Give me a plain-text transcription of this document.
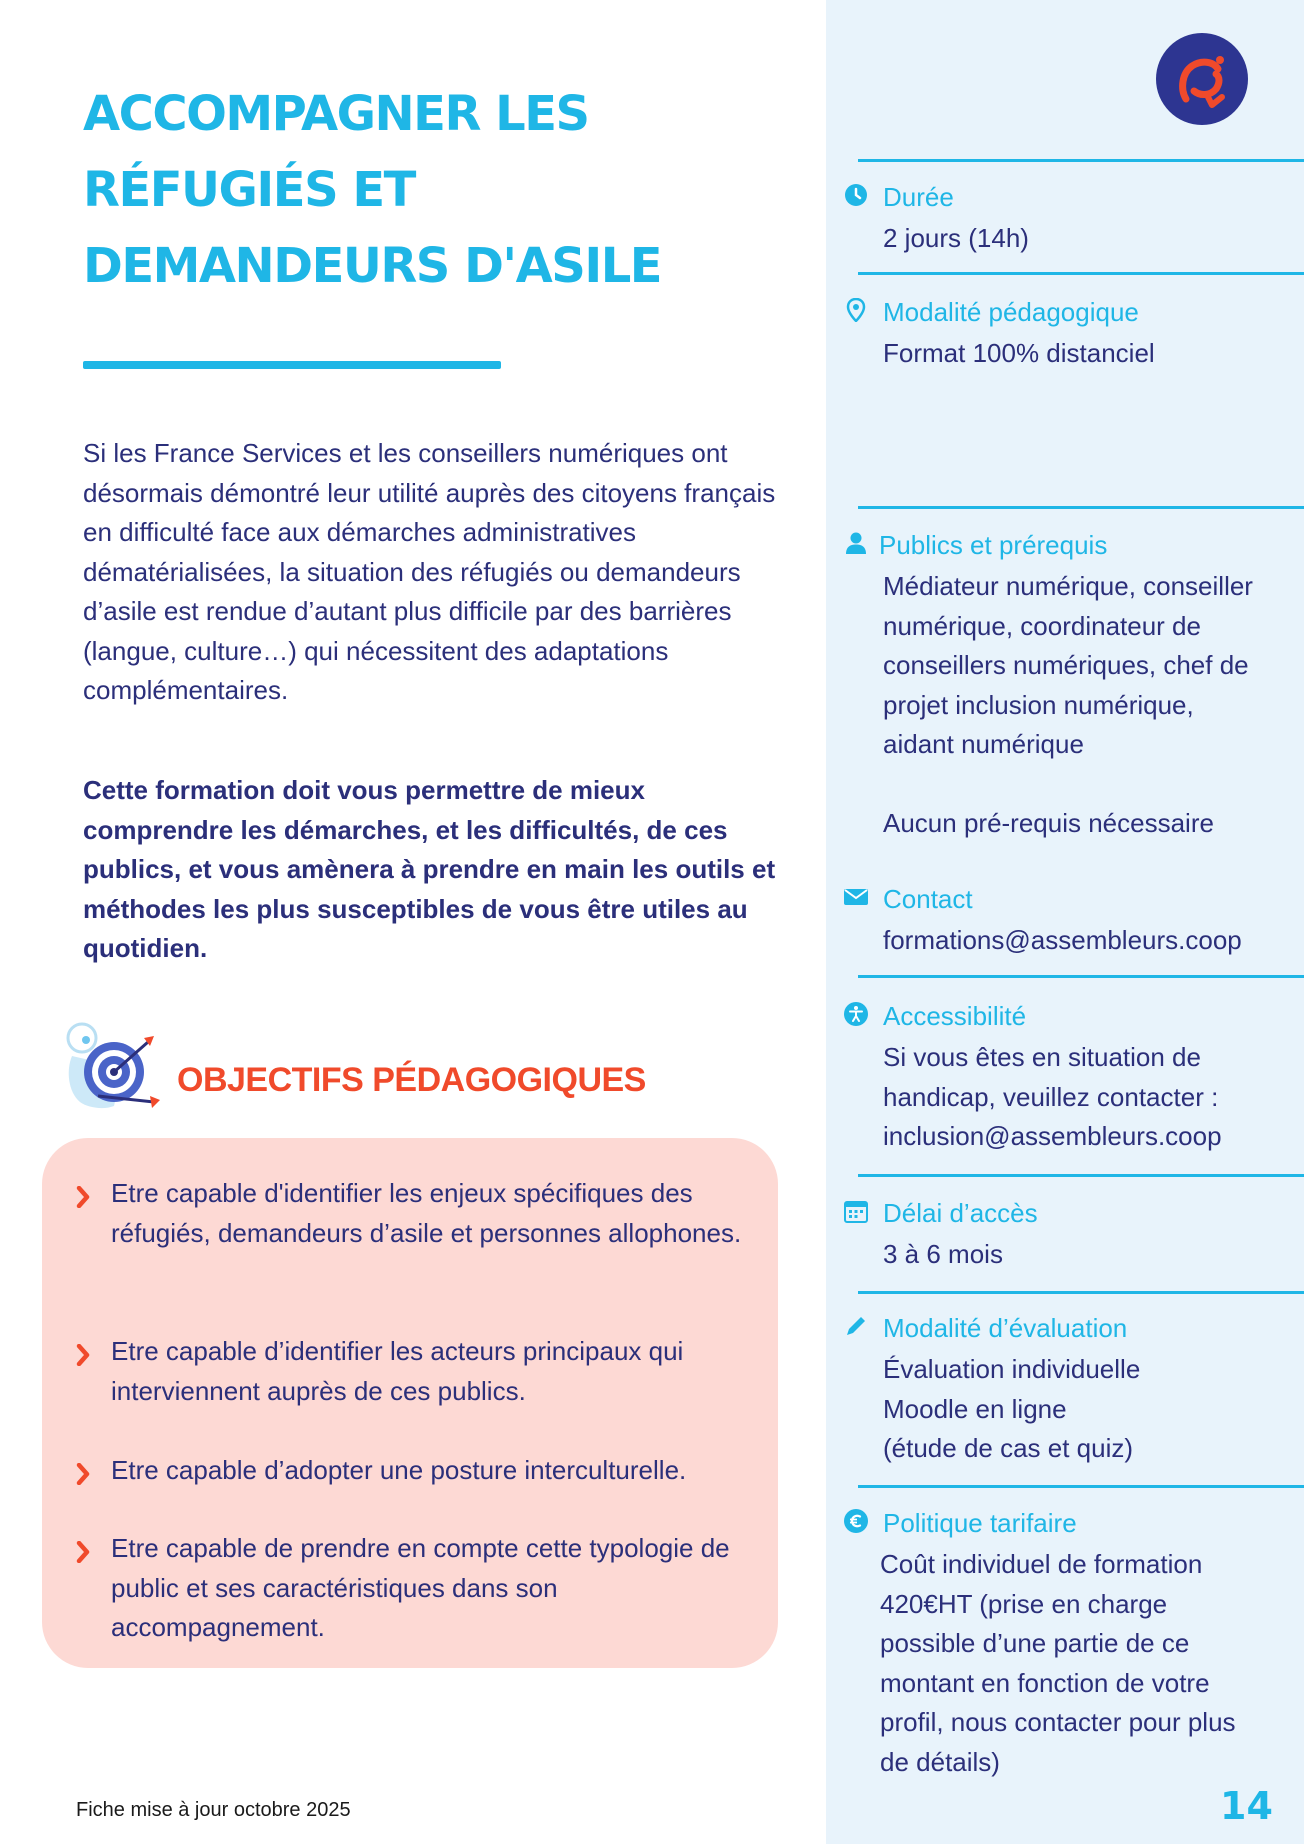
ACCOMPAGNER LES RÉFUGIÉS ET DEMANDEURS D'ASILE

Si les France Services et les conseillers numériques ont désormais démontré leur utilité auprès des citoyens français en difficulté face aux démarches administratives dématérialisées, la situation des réfugiés ou demandeurs d’asile est rendue d’autant plus difficile par des barrières (langue, culture…) qui nécessitent des adaptations complémentaires.

Cette formation doit vous permettre de mieux comprendre les démarches, et les difficultés, de ces publics, et vous amènera à prendre en main les outils et méthodes les plus susceptibles de vous être utiles au quotidien.

OBJECTIFS PÉDAGOGIQUES
Etre capable d'identifier les enjeux spécifiques des réfugiés, demandeurs d’asile et personnes allophones.
Etre capable d’identifier les acteurs principaux qui interviennent auprès de ces publics.
Etre capable d’adopter une posture interculturelle.
Etre capable de prendre en compte cette typologie de public et ses caractéristiques dans son accompagnement.
Durée

2 jours (14h)

Modalité pédagogique

Format 100% distanciel

Publics et prérequis

Médiateur numérique, conseiller numérique, coordinateur de conseillers numériques, chef de projet inclusion numérique, aidant numérique

Aucun pré-requis nécessaire

Contact

formations@assembleurs.coop

Accessibilité

Si vous êtes en situation de handicap, veuillez contacter :

inclusion@assembleurs.coop

Délai d’accès

3 à 6 mois

Modalité d’évaluation

Évaluation individuelle

Moodle en ligne

(étude de cas et quiz)

Politique tarifaire

Coût individuel de formation 420€HT (prise en charge possible d’une partie de ce montant en fonction de votre profil, nous contacter pour plus de détails)

Fiche mise à jour octobre 2025	14
